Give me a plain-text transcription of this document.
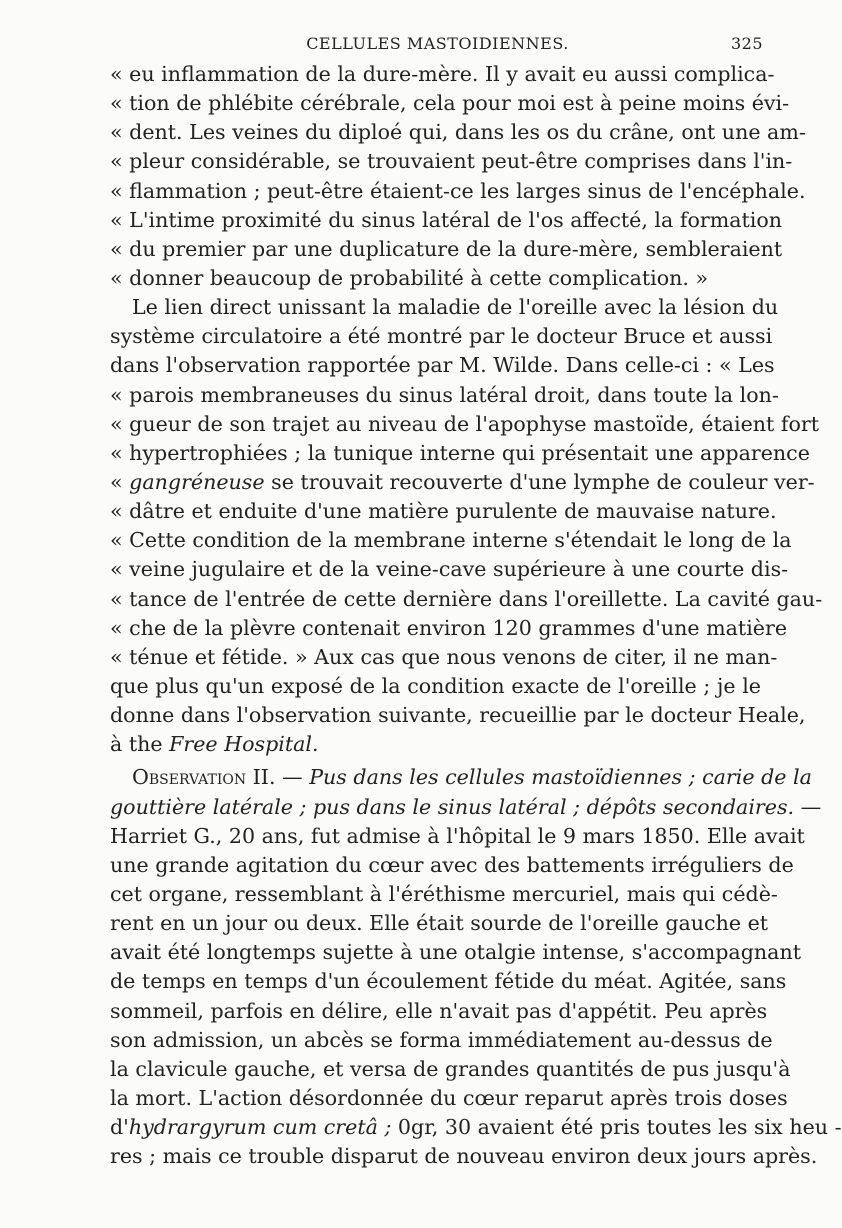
CELLULES MASTOIDIENNES.	325
« eu inflammation de la dure-mère. Il y avait eu aussi complica-
« tion de phlébite cérébrale, cela pour moi est à peine moins évi-
« dent. Les veines du diploé qui, dans les os du crâne, ont une am-
« pleur considérable, se trouvaient peut-être comprises dans l'in-
« flammation ; peut-être étaient-ce les larges sinus de l'encéphale.
« L'intime proximité du sinus latéral de l'os affecté, la formation
« du premier par une duplicature de la dure-mère, sembleraient
« donner beaucoup de probabilité à cette complication. »
Le lien direct unissant la maladie de l'oreille avec la lésion du
système circulatoire a été montré par le docteur Bruce et aussi
dans l'observation rapportée par M. Wilde. Dans celle-ci : « Les
« parois membraneuses du sinus latéral droit, dans toute la lon-
« gueur de son trajet au niveau de l'apophyse mastoïde, étaient fort
« hypertrophiées ; la tunique interne qui présentait une apparence
« gangréneuse se trouvait recouverte d'une lymphe de couleur ver-
« dâtre et enduite d'une matière purulente de mauvaise nature.
« Cette condition de la membrane interne s'étendait le long de la
« veine jugulaire et de la veine-cave supérieure à une courte dis-
« tance de l'entrée de cette dernière dans l'oreillette. La cavité gau-
« che de la plèvre contenait environ 120 grammes d'une matière
« ténue et fétide. » Aux cas que nous venons de citer, il ne man-
que plus qu'un exposé de la condition exacte de l'oreille ; je le
donne dans l'observation suivante, recueillie par le docteur Heale,
à the Free Hospital.
Observation II. — Pus dans les cellules mastoïdiennes ; carie de la
gouttière latérale ; pus dans le sinus latéral ; dépôts secondaires. —
Harriet G., 20 ans, fut admise à l'hôpital le 9 mars 1850. Elle avait
une grande agitation du cœur avec des battements irréguliers de
cet organe, ressemblant à l'éréthisme mercuriel, mais qui cédè-
rent en un jour ou deux. Elle était sourde de l'oreille gauche et
avait été longtemps sujette à une otalgie intense, s'accompagnant
de temps en temps d'un écoulement fétide du méat. Agitée, sans
sommeil, parfois en délire, elle n'avait pas d'appétit. Peu après
son admission, un abcès se forma immédiatement au-dessus de
la clavicule gauche, et versa de grandes quantités de pus jusqu'à
la mort. L'action désordonnée du cœur reparut après trois doses
d'hydrargyrum cum cretâ ; 0gr, 30 avaient été pris toutes les six heu -
res ; mais ce trouble disparut de nouveau environ deux jours après.
